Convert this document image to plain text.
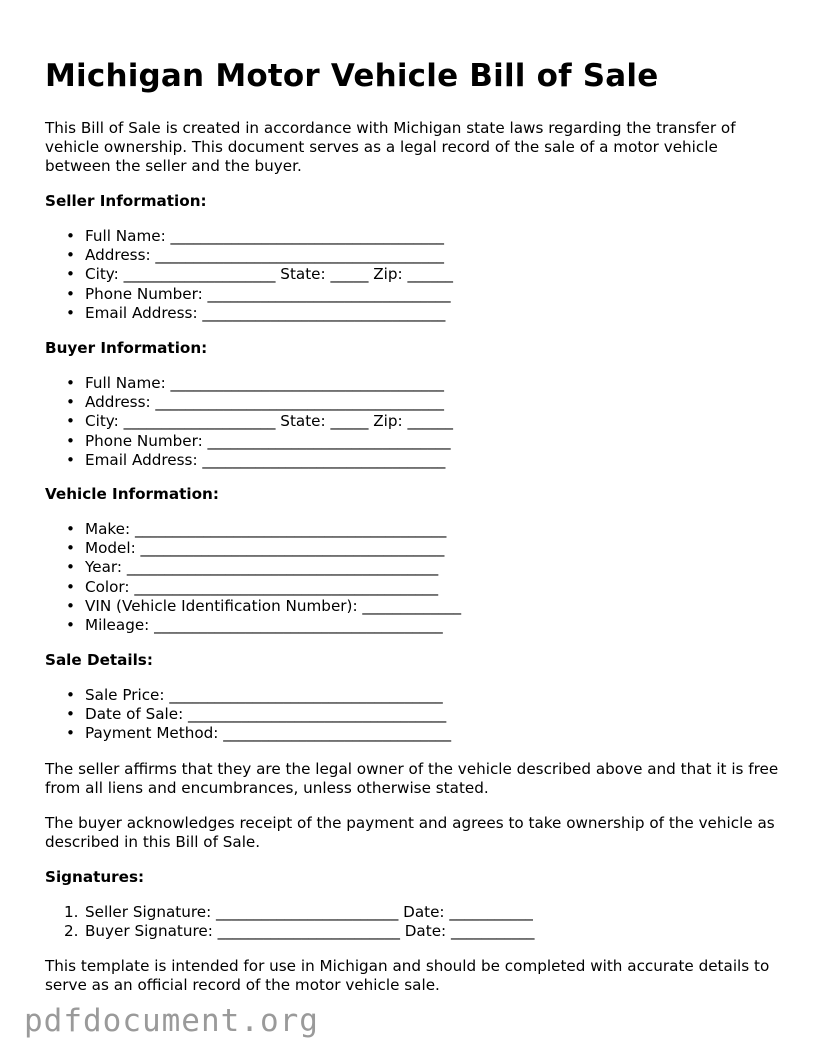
Michigan Motor Vehicle Bill of Sale

This Bill of Sale is created in accordance with Michigan state laws regarding the transfer of vehicle ownership. This document serves as a legal record of the sale of a motor vehicle between the seller and the buyer.

Seller Information:

• Full Name: ____________________________________
• Address: ______________________________________
• City: ____________________ State: _____ Zip: ______
• Phone Number: ________________________________
• Email Address: ________________________________

Buyer Information:

• Full Name: ____________________________________
• Address: ______________________________________
• City: ____________________ State: _____ Zip: ______
• Phone Number: ________________________________
• Email Address: ________________________________

Vehicle Information:

• Make: _________________________________________
• Model: ________________________________________
• Year: _________________________________________
• Color: ________________________________________
• VIN (Vehicle Identification Number): _____________
• Mileage: ______________________________________

Sale Details:

• Sale Price: ____________________________________
• Date of Sale: __________________________________
• Payment Method: ______________________________

The seller affirms that they are the legal owner of the vehicle described above and that it is free from all liens and encumbrances, unless otherwise stated.

The buyer acknowledges receipt of the payment and agrees to take ownership of the vehicle as described in this Bill of Sale.

Signatures:

1. Seller Signature: ________________________ Date: ___________
2. Buyer Signature: ________________________ Date: ___________

This template is intended for use in Michigan and should be completed with accurate details to serve as an official record of the motor vehicle sale.

pdfdocument.org
